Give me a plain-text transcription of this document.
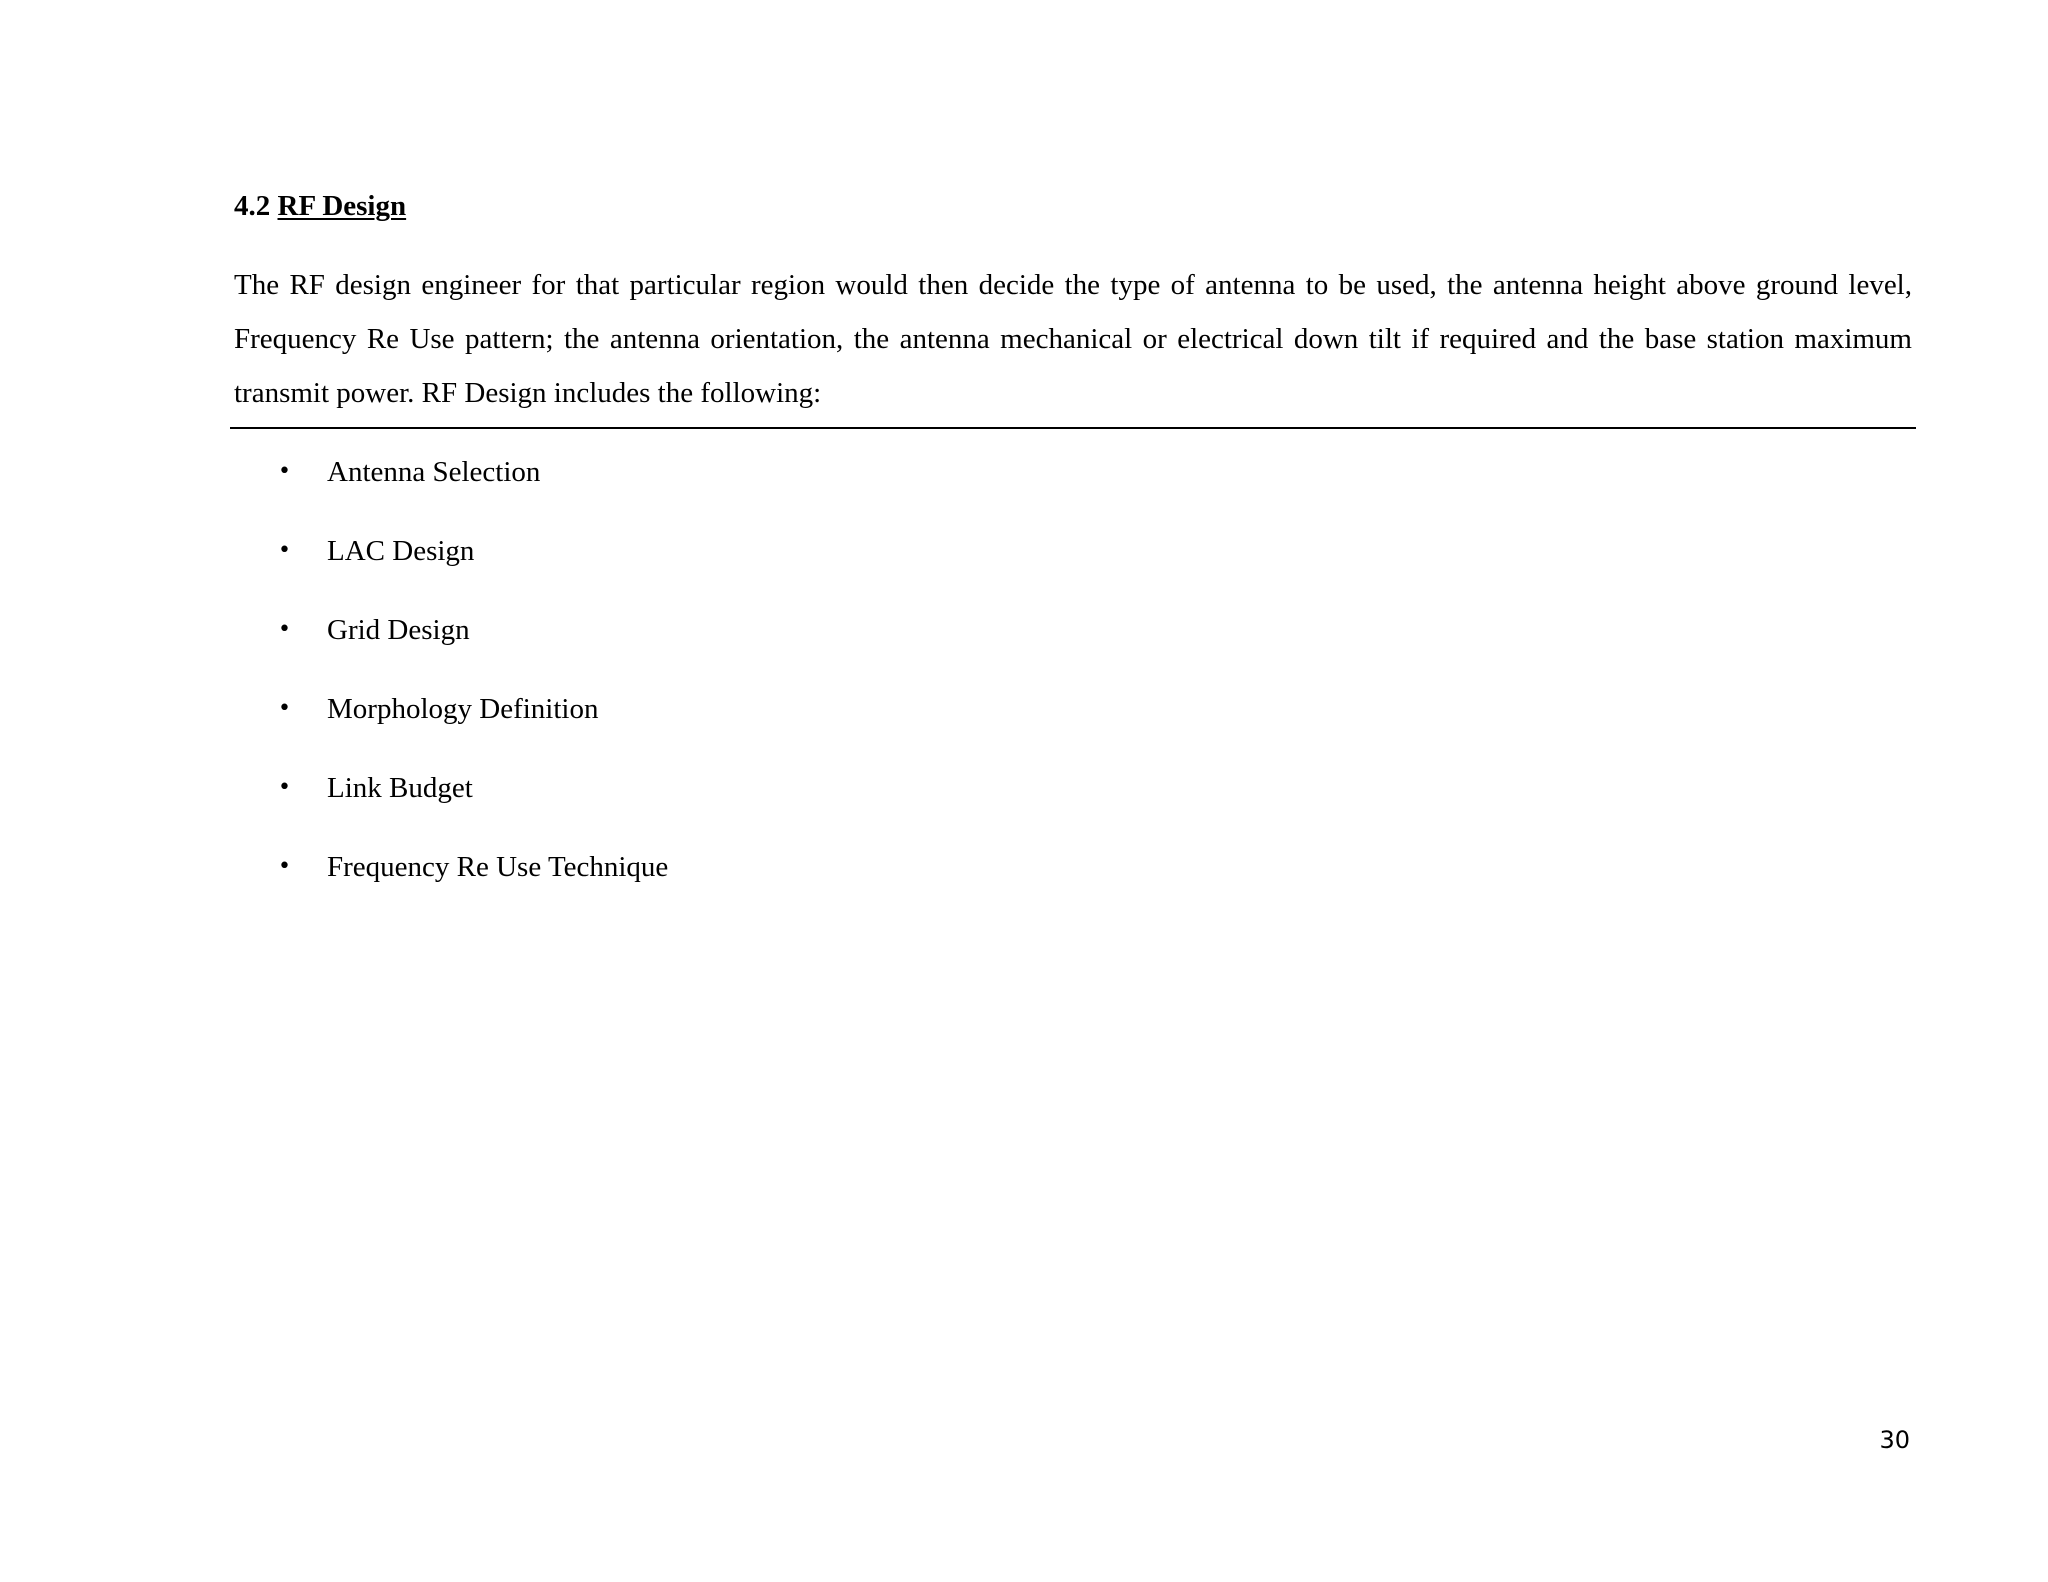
4.2 RF Design

The RF design engineer for that particular region would then decide the type of antenna to be used, the antenna height above ground level, Frequency Re Use pattern; the antenna orientation, the antenna mechanical or electrical down tilt if required and the base station maximum transmit power. RF Design includes the following:

• Antenna Selection
• LAC Design
• Grid Design
• Morphology Definition
• Link Budget
• Frequency Re Use Technique
30
